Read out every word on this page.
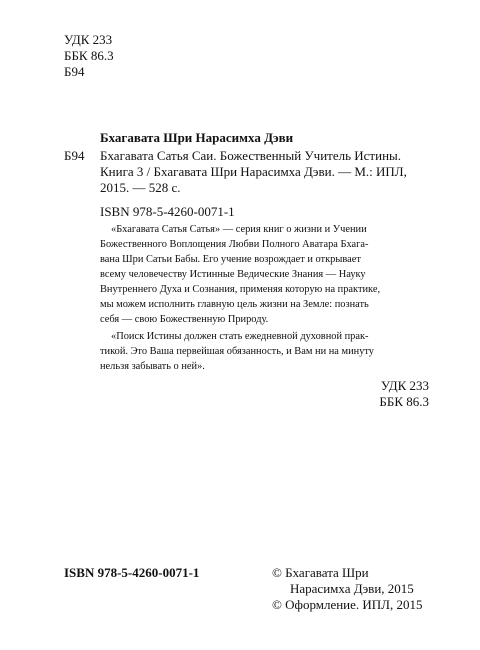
УДК 233
ББК 86.3
Б94
Бхагавата Шри Нарасимха Дэви
Б94 Бхагавата Сатья Саи. Божественный Учитель Истины.
Книга 3 / Бхагавата Шри Нарасимха Дэви. — М.: ИПЛ,
2015. — 528 с.
ISBN 978-5-4260-0071-1
«Бхагавата Сатья Сатья» — серия книг о жизни и Учении
Божественного Воплощения Любви Полного Аватара Бхага-
вана Шри Сатьи Бабы. Его учение возрождает и открывает
всему человечеству Истинные Ведические Знания — Науку
Внутреннего Духа и Сознания, применяя которую на практике,
мы можем исполнить главную цель жизни на Земле: познать
себя — свою Божественную Природу.
«Поиск Истины должен стать ежедневной духовной прак-
тикой. Это Ваша первейшая обязанность, и Вам ни на минуту
нельзя забывать о ней».
УДК 233
ББК 86.3
ISBN 978-5-4260-0071-1	© Бхагавата Шри
Нарасимха Дэви, 2015
© Оформление. ИПЛ, 2015
